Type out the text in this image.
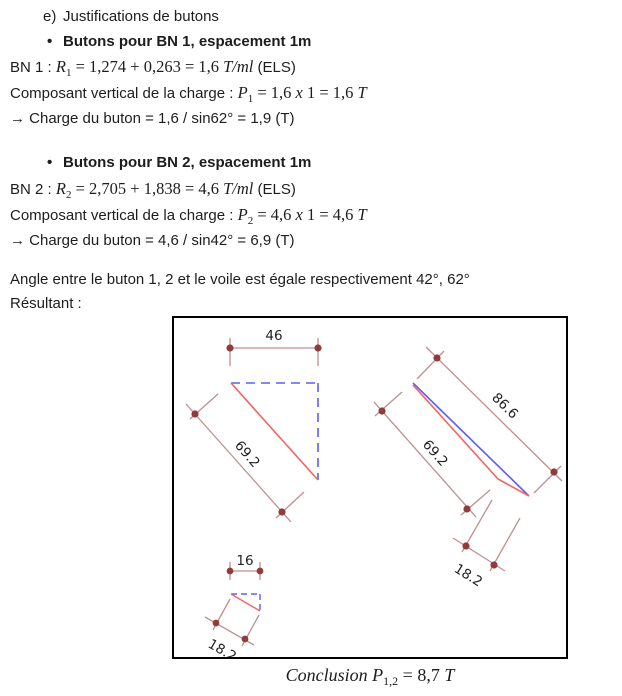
e) Justifications de butons
• Butons pour BN 1, espacement 1m
BN 1 : $R_1 = 1,274 + 0,263 = 1,6$ T/ml (ELS)
Composant vertical de la charge : $P_1 = 1,6$ x 1 = 1,6 T
→ Charge du buton = 1,6 / sin62° = 1,9 (T)
• Butons pour BN 2, espacement 1m
BN 2 : $R_2 = 2,705 + 1,838 = 4,6$ T/ml (ELS)
Composant vertical de la charge : $P_2 = 4,6$ x 1 = 4,6 T
→ Charge du buton = 4,6 / sin42° = 6,9 (T)
Angle entre le buton 1, 2 et le voile est égale respectivement 42°, 62°
Résultant :
46
69.2
86.6
69.2
18.2
16
18.2
Conclusion $P_{1,2} = 8,7$ T
